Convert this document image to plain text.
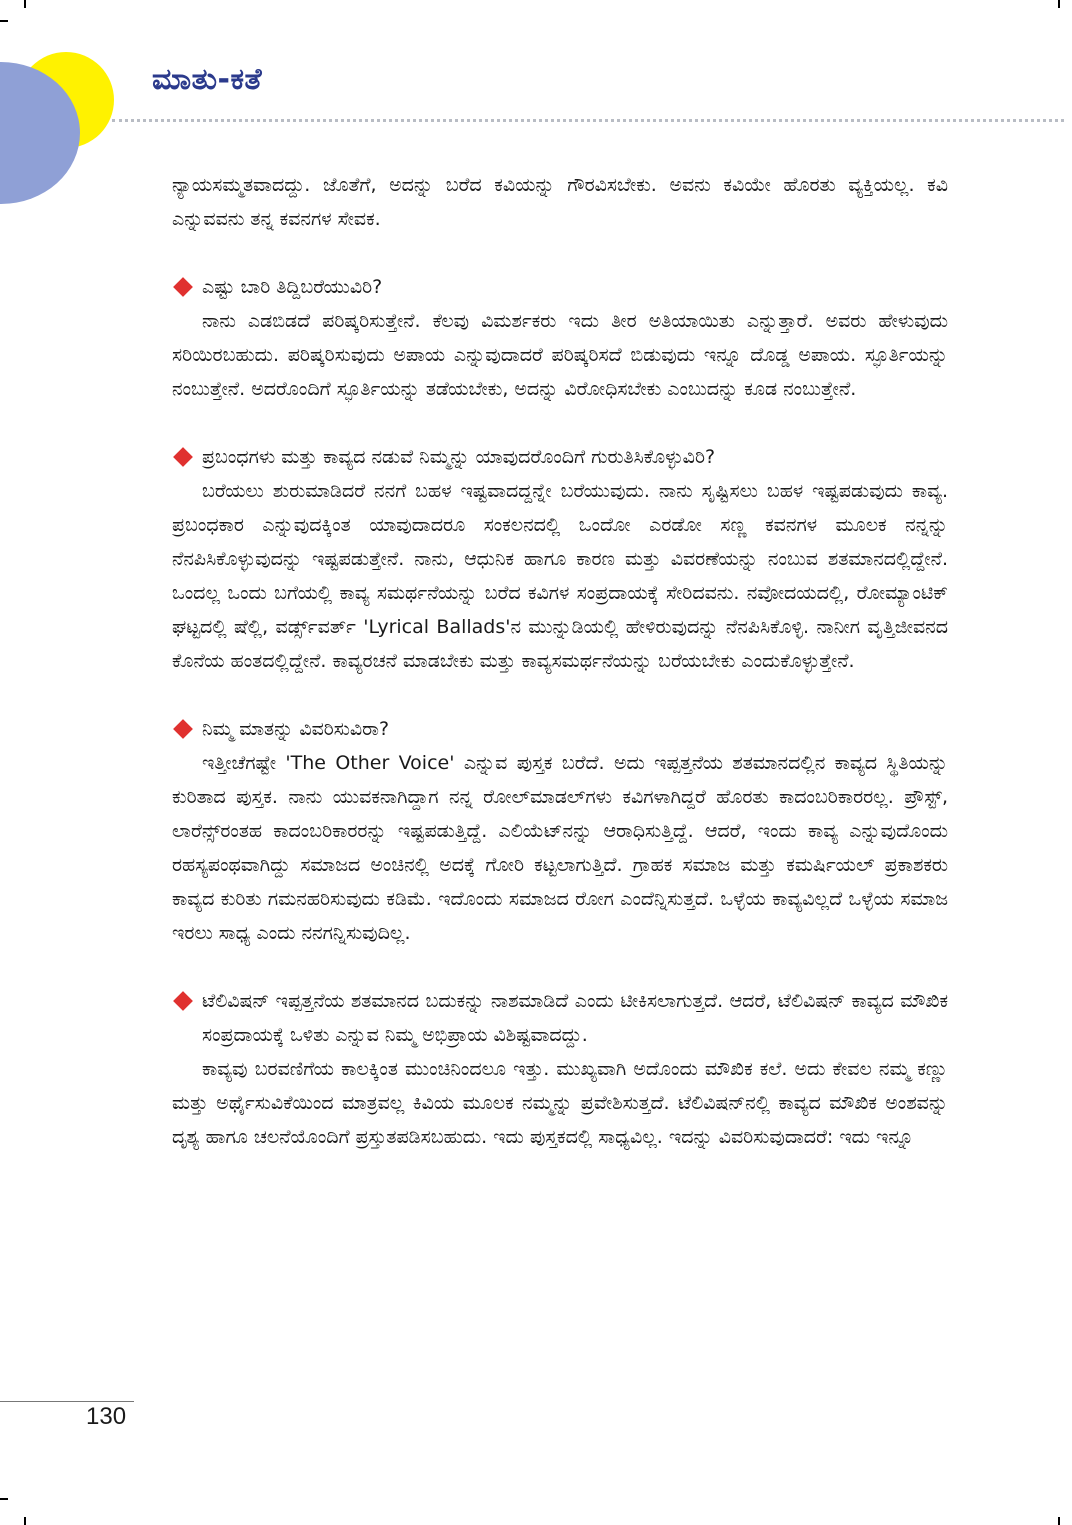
ಮಾತು-ಕತೆ

ನ್ಯಾಯಸಮ್ಮತವಾದದ್ದು. ಜೊತೆಗೆ, ಅದನ್ನು ಬರೆದ ಕವಿಯನ್ನು ಗೌರವಿಸಬೇಕು. ಅವನು ಕವಿಯೇ ಹೊರತು ವ್ಯಕ್ತಿಯಲ್ಲ. ಕವಿ ಎನ್ನುವವನು ತನ್ನ ಕವನಗಳ ಸೇವಕ.

ಎಷ್ಟು ಬಾರಿ ತಿದ್ದಿಬರೆಯುವಿರಿ?

ನಾನು ಎಡಬಿಡದೆ ಪರಿಷ್ಕರಿಸುತ್ತೇನೆ. ಕೆಲವು ವಿಮರ್ಶಕರು ಇದು ತೀರ ಅತಿಯಾಯಿತು ಎನ್ನುತ್ತಾರೆ. ಅವರು ಹೇಳುವುದು ಸರಿಯಿರಬಹುದು. ಪರಿಷ್ಕರಿಸುವುದು ಅಪಾಯ ಎನ್ನುವುದಾದರೆ ಪರಿಷ್ಕರಿಸದೆ ಬಿಡುವುದು ಇನ್ನೂ ದೊಡ್ಡ ಅಪಾಯ. ಸ್ಫೂರ್ತಿಯನ್ನು ನಂಬುತ್ತೇನೆ. ಅದರೊಂದಿಗೆ ಸ್ಫೂರ್ತಿಯನ್ನು ತಡೆಯಬೇಕು, ಅದನ್ನು ವಿರೋಧಿಸಬೇಕು ಎಂಬುದನ್ನು ಕೂಡ ನಂಬುತ್ತೇನೆ.

ಪ್ರಬಂಧಗಳು ಮತ್ತು ಕಾವ್ಯದ ನಡುವೆ ನಿಮ್ಮನ್ನು ಯಾವುದರೊಂದಿಗೆ ಗುರುತಿಸಿಕೊಳ್ಳುವಿರಿ?

ಬರೆಯಲು ಶುರುಮಾಡಿದರೆ ನನಗೆ ಬಹಳ ಇಷ್ಟವಾದದ್ದನ್ನೇ ಬರೆಯುವುದು. ನಾನು ಸೃಷ್ಟಿಸಲು ಬಹಳ ಇಷ್ಟಪಡುವುದು ಕಾವ್ಯ. ಪ್ರಬಂಧಕಾರ ಎನ್ನುವುದಕ್ಕಿಂತ ಯಾವುದಾದರೂ ಸಂಕಲನದಲ್ಲಿ ಒಂದೋ ಎರಡೋ ಸಣ್ಣ ಕವನಗಳ ಮೂಲಕ ನನ್ನನ್ನು ನೆನಪಿಸಿಕೊಳ್ಳುವುದನ್ನು ಇಷ್ಟಪಡುತ್ತೇನೆ. ನಾನು, ಆಧುನಿಕ ಹಾಗೂ ಕಾರಣ ಮತ್ತು ವಿವರಣೆಯನ್ನು ನಂಬುವ ಶತಮಾನದಲ್ಲಿದ್ದೇನೆ. ಒಂದಲ್ಲ ಒಂದು ಬಗೆಯಲ್ಲಿ ಕಾವ್ಯ ಸಮರ್ಥನೆಯನ್ನು ಬರೆದ ಕವಿಗಳ ಸಂಪ್ರದಾಯಕ್ಕೆ ಸೇರಿದವನು. ನವೋದಯದಲ್ಲಿ, ರೋಮ್ಯಾಂಟಿಕ್ ಘಟ್ಟದಲ್ಲಿ ಷೆಲ್ಲಿ, ವರ್ಡ್ಸ್‌ವರ್ತ್ 'Lyrical Ballads'ನ ಮುನ್ನುಡಿಯಲ್ಲಿ ಹೇಳಿರುವುದನ್ನು ನೆನಪಿಸಿಕೊಳ್ಳಿ. ನಾನೀಗ ವೃತ್ತಿಜೀವನದ ಕೊನೆಯ ಹಂತದಲ್ಲಿದ್ದೇನೆ. ಕಾವ್ಯರಚನೆ ಮಾಡಬೇಕು ಮತ್ತು ಕಾವ್ಯಸಮರ್ಥನೆಯನ್ನು ಬರೆಯಬೇಕು ಎಂದುಕೊಳ್ಳುತ್ತೇನೆ.

ನಿಮ್ಮ ಮಾತನ್ನು ವಿವರಿಸುವಿರಾ?

ಇತ್ತೀಚೆಗಷ್ಟೇ 'The Other Voice' ಎನ್ನುವ ಪುಸ್ತಕ ಬರೆದೆ. ಅದು ಇಪ್ಪತ್ತನೆಯ ಶತಮಾನದಲ್ಲಿನ ಕಾವ್ಯದ ಸ್ಥಿತಿಯನ್ನು ಕುರಿತಾದ ಪುಸ್ತಕ. ನಾನು ಯುವಕನಾಗಿದ್ದಾಗ ನನ್ನ ರೋಲ್‌ಮಾಡಲ್‌ಗಳು ಕವಿಗಳಾಗಿದ್ದರೆ ಹೊರತು ಕಾದಂಬರಿಕಾರರಲ್ಲ. ಪ್ರೌಸ್ಟ್, ಲಾರೆನ್ಸ್‌ರಂತಹ ಕಾದಂಬರಿಕಾರರನ್ನು ಇಷ್ಟಪಡುತ್ತಿದ್ದೆ. ಎಲಿಯೆಟ್‌ನನ್ನು ಆರಾಧಿಸುತ್ತಿದ್ದೆ. ಆದರೆ, ಇಂದು ಕಾವ್ಯ ಎನ್ನುವುದೊಂದು ರಹಸ್ಯಪಂಥವಾಗಿದ್ದು ಸಮಾಜದ ಅಂಚಿನಲ್ಲಿ ಅದಕ್ಕೆ ಗೋರಿ ಕಟ್ಟಲಾಗುತ್ತಿದೆ. ಗ್ರಾಹಕ ಸಮಾಜ ಮತ್ತು ಕಮರ್ಷಿಯಲ್ ಪ್ರಕಾಶಕರು ಕಾವ್ಯದ ಕುರಿತು ಗಮನಹರಿಸುವುದು ಕಡಿಮೆ. ಇದೊಂದು ಸಮಾಜದ ರೋಗ ಎಂದೆನ್ನಿಸುತ್ತದೆ. ಒಳ್ಳೆಯ ಕಾವ್ಯವಿಲ್ಲದೆ ಒಳ್ಳೆಯ ಸಮಾಜ ಇರಲು ಸಾಧ್ಯ ಎಂದು ನನಗನ್ನಿಸುವುದಿಲ್ಲ.

ಟೆಲಿವಿಷನ್ ಇಪ್ಪತ್ತನೆಯ ಶತಮಾನದ ಬದುಕನ್ನು ನಾಶಮಾಡಿದೆ ಎಂದು ಟೀಕಿಸಲಾಗುತ್ತದೆ. ಆದರೆ, ಟೆಲಿವಿಷನ್ ಕಾವ್ಯದ ಮೌಖಿಕ ಸಂಪ್ರದಾಯಕ್ಕೆ ಒಳಿತು ಎನ್ನುವ ನಿಮ್ಮ ಅಭಿಪ್ರಾಯ ವಿಶಿಷ್ಟವಾದದ್ದು.

ಕಾವ್ಯವು ಬರವಣಿಗೆಯ ಕಾಲಕ್ಕಿಂತ ಮುಂಚಿನಿಂದಲೂ ಇತ್ತು. ಮುಖ್ಯವಾಗಿ ಅದೊಂದು ಮೌಖಿಕ ಕಲೆ. ಅದು ಕೇವಲ ನಮ್ಮ ಕಣ್ಣು ಮತ್ತು ಅರ್ಥೈಸುವಿಕೆಯಿಂದ ಮಾತ್ರವಲ್ಲ ಕಿವಿಯ ಮೂಲಕ ನಮ್ಮನ್ನು ಪ್ರವೇಶಿಸುತ್ತದೆ. ಟೆಲಿವಿಷನ್‌ನಲ್ಲಿ ಕಾವ್ಯದ ಮೌಖಿಕ ಅಂಶವನ್ನು ದೃಶ್ಯ ಹಾಗೂ ಚಲನೆಯೊಂದಿಗೆ ಪ್ರಸ್ತುತಪಡಿಸಬಹುದು. ಇದು ಪುಸ್ತಕದಲ್ಲಿ ಸಾಧ್ಯವಿಲ್ಲ. ಇದನ್ನು ವಿವರಿಸುವುದಾದರೆ: ಇದು ಇನ್ನೂ

130
